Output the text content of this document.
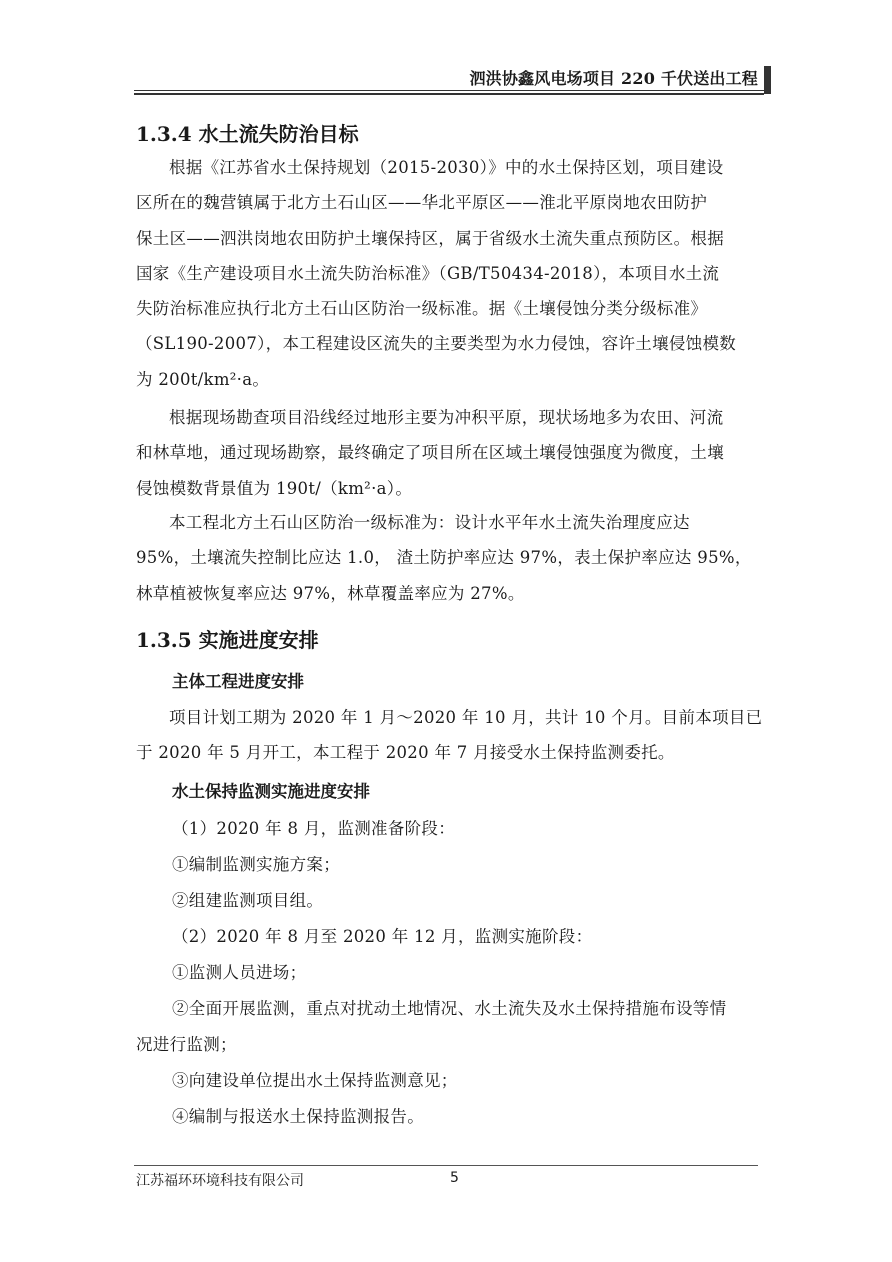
泗洪协鑫风电场项目 220 千伏送出工程
1.3.4 水土流失防治目标
根据《江苏省水土保持规划（2015-2030）》中的水土保持区划，项目建设
区所在的魏营镇属于北方土石山区——华北平原区——淮北平原岗地农田防护
保土区——泗洪岗地农田防护土壤保持区，属于省级水土流失重点预防区。根据
国家《生产建设项目水土流失防治标准》（GB/T50434-2018），本项目水土流
失防治标准应执行北方土石山区防治一级标准。据《土壤侵蚀分类分级标准》
（SL190-2007），本工程建设区流失的主要类型为水力侵蚀，容许土壤侵蚀模数
为 200t/km²·a。
根据现场勘查项目沿线经过地形主要为冲积平原，现状场地多为农田、河流
和林草地，通过现场勘察，最终确定了项目所在区域土壤侵蚀强度为微度，土壤
侵蚀模数背景值为 190t/（km²·a）。
本工程北方土石山区防治一级标准为：设计水平年水土流失治理度应达
95%，土壤流失控制比应达 1.0， 渣土防护率应达 97%，表土保护率应达 95%，
林草植被恢复率应达 97%，林草覆盖率应为 27%。
1.3.5 实施进度安排
主体工程进度安排
项目计划工期为 2020 年 1 月～2020 年 10 月，共计 10 个月。目前本项目已
于 2020 年 5 月开工，本工程于 2020 年 7 月接受水土保持监测委托。
水土保持监测实施进度安排
（1）2020 年 8 月，监测准备阶段：
①编制监测实施方案；
②组建监测项目组。
（2）2020 年 8 月至 2020 年 12 月，监测实施阶段：
①监测人员进场；
②全面开展监测，重点对扰动土地情况、水土流失及水土保持措施布设等情
况进行监测；
③向建设单位提出水土保持监测意见；
④编制与报送水土保持监测报告。
江苏福环环境科技有限公司	5
